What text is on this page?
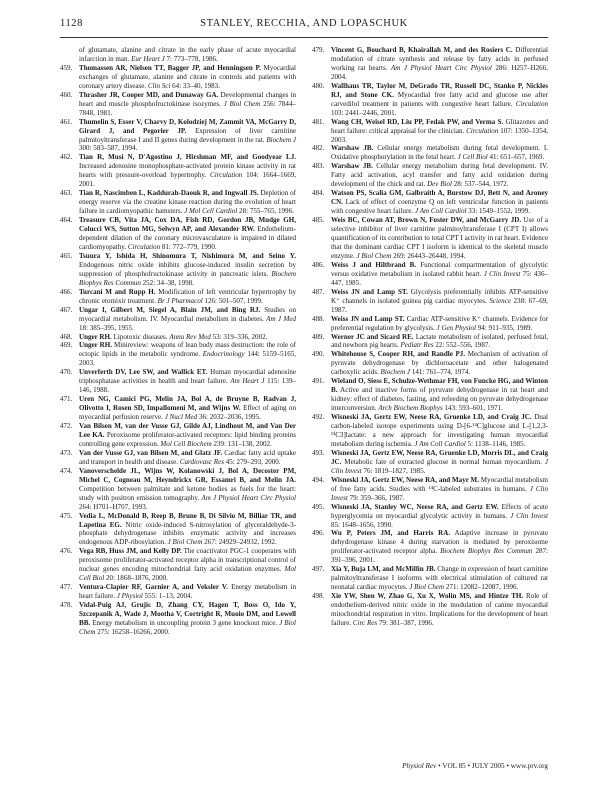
1128	STANLEY, RECCHIA, AND LOPASCHUK

of glutamate, alanine and citrate in the early phase of acute myocardial infarction in man. Eur Heart J 7: 773–778, 1986.

459. Thomassen AR, Nielsen TT, Bagger JP, and Henningsen P. Myocardial exchanges of glutamate, alanine and citrate in controls and patients with coronary artery disease. Clin Sci 64: 33–40, 1983.

460. Thrasher JR, Cooper MD, and Dunaway GA. Developmental changes in heart and muscle phosphofructokinase isozymes. J Biol Chem 256: 7844–7848, 1981.

461. Thumelin S, Esser V, Charvy D, Kolodziej M, Zammit VA, McGarry D, Girard J, and Pegorier JP. Expression of liver carnitine palmitoyltransferase I and II genes during development in the rat. Biochem J 300: 583–587, 1994.

462. Tian R, Musi N, D'Agostino J, Hirshman MF, and Goodyear LJ. Increased adenosine monophosphate-activated protein kinase activity in rat hearts with pressure-overload hypertrophy. Circulation 104: 1664–1669, 2001.

463. Tian R, Nascimben L, Kaddurah-Daouk R, and Ingwall JS. Depletion of energy reserve via the creatine kinase reaction during the evolution of heart failure in cardiomyopathic hamsters. J Mol Cell Cardiol 28: 755–765, 1996.

464. Treasure CB, Vita JA, Cox DA, Fish RD, Gordon JB, Mudge GH, Colucci WS, Sutton MG, Selwyn AP, and Alexander RW. Endothelium-dependent dilation of the coronary microvasculature is impaired in dilated cardiomyopathy. Circulation 81: 772–779, 1990.

465. Tsuura Y, Ishida H, Shinomura T, Nishimura M, and Seino Y. Endogenous nitric oxide inhibits glucose-induced insulin secretion by suppression of phosphofructokinase activity in pancreatic islets. Biochem Biophys Res Commun 252: 34–38, 1998.

466. Turcani M and Rupp H. Modification of left ventricular hypertrophy by chronic etomixir treatment. Br J Pharmacol 126: 501–507, 1999.

467. Ungar I, Gilbert M, Siegel A, Blain JM, and Bing RJ. Studies on myocardial metabolism. IV. Myocardial metabolism in diabetes. Am J Med 18: 385–395, 1955.

468. Unger RH. Lipotoxic diseases. Annu Rev Med 53: 319–336, 2002.

469. Unger RH. Minireview: weapons of lean body mass destruction: the role of ectopic lipids in the metabolic syndrome. Endocrinology 144: 5159–5165, 2003.

470. Unverferth DV, Lee SW, and Wallick ET. Human myocardial adenosine triphosphatase activities in health and heart failure. Am Heart J 115: 139–146, 1988.

471. Uren NG, Camici PG, Melin JA, Bol A, de Bruyne B, Radvan J, Olivotto I, Rosen SD, Impallomeni M, and Wijns W. Effect of aging on myocardial perfusion reserve. J Nucl Med 36: 2032–2036, 1995.

472. Van Bilsen M, van der Vusse GJ, Gilde AJ, Lindhout M, and Van Der Lee KA. Peroxisome proliferator-activated receptors: lipid binding proteins controlling gene expression. Mol Cell Biochem 239: 131–138, 2002.

473. Van der Vusse GJ, van Bilsen M, and Glatz JF. Cardiac fatty acid uptake and transport in health and disease. Cardiovasc Res 45: 279–293, 2000.

474. Vanoverschelde JL, Wijns W, Kolanowski J, Bol A, Decoster PM, Michel C, Cogneau M, Heyndrickx GR, Essamri B, and Melin JA. Competition between palmitate and ketone bodies as fuels for the heart: study with positron emission tomography. Am J Physiol Heart Circ Physiol 264: H701–H707, 1993.

475. Vedia L, McDonald B, Reep B, Brune B, Di Silvio M, Billiar TR, and Lapetina EG. Nitric oxide-induced S-nitrosylation of glyceraldehyde-3-phosphate dehydrogenase inhibits enzymatic activity and increases endogenous ADP-ribosylation. J Biol Chem 267: 24929–24932, 1992.

476. Vega RB, Huss JM, and Kelly DP. The coactivator PGC-1 cooperates with peroxisome proliferator-activated receptor alpha in transcriptional control of nuclear genes encoding mitochondrial fatty acid oxidation enzymes. Mol Cell Biol 20: 1868–1876, 2000.

477. Ventura-Clapier RF, Garnier A, and Veksler V. Energy metabolism in heart failure. J Physiol 555: 1–13, 2004.

478. Vidal-Puig AJ, Grujic D, Zhang CY, Hagen T, Boss O, Ido Y, Szczepanik A, Wade J, Mootha V, Cortright R, Muoio DM, and Lowell BB. Energy metabolism in uncoupling protein 3 gene knockout mice. J Biol Chem 275: 16258–16266, 2000.

479. Vincent G, Bouchard B, Khairallah M, and des Rosiers C. Differential modulation of citrate synthesis and release by fatty acids in perfused working rat hearts. Am J Physiol Heart Circ Physiol 286: H257–H266, 2004.

480. Wallhaus TR, Taylor M, DeGrado TR, Russell DC, Stanko P, Nickles RJ, and Stone CK. Myocardial free fatty acid and glucose use after carvedilol treatment in patients with congestive heart failure. Circulation 103: 2441–2446, 2001.

481. Wang CH, Weisel RD, Liu PP, Fedak PW, and Verma S. Glitazones and heart failure: critical appraisal for the clinician. Circulation 107: 1350–1354, 2003.

482. Warshaw JB. Cellular energy metabolism during fetal development. I. Oxidative phosphorylation in the fetal heart. J Cell Biol 41: 651–657, 1969.

483. Warshaw JB. Cellular energy metabolism during fetal development. IV. Fatty acid activation, acyl transfer and fatty acid oxidation during development of the chick and rat. Dev Biol 28: 537–544, 1972.

484. Watson PS, Scalia GM, Galbraith A, Burstow DJ, Bett N, and Aroney CN. Lack of effect of coenzyme Q on left ventricular function in patients with congestive heart failure. J Am Coll Cardiol 33: 1549–1552, 1999.

485. Weis BC, Cowan AT, Brown N, Foster DW, and McGarry JD. Use of a selective inhibitor of liver carnitine palmitoyltransferase I (CPT I) allows quantification of its contribution to total CPT I activity in rat heart. Evidence that the dominant cardiac CPT I isoform is identical to the skeletal muscle enzyme. J Biol Chem 269: 26443–26448, 1994.

486. Weiss J and Hiltbrand B. Functional compartmentation of glycolytic versus oxidative metabolism in isolated rabbit heart. J Clin Invest 75: 436–447, 1985.

487. Weiss JN and Lamp ST. Glycolysis preferentially inhibits ATP-sensitive K⁺ channels in isolated guinea pig cardiac myocytes. Science 238: 67–69, 1987.

488. Weiss JN and Lamp ST. Cardiac ATP-sensitive K⁺ channels. Evidence for preferential regulation by glycolysis. J Gen Physiol 94: 911–935, 1989.

489. Werner JC and Sicard RE. Lactate metabolism of isolated, perfused fetal, and newborn pig hearts. Pediatr Res 22: 552–556, 1987.

490. Whitehouse S, Cooper RH, and Randle PJ. Mechanism of activation of pyruvate dehydrogenase by dichloroacetate and other halogenated carboxylic acids. Biochem J 141: 761–774, 1974.

491. Wieland O, Siess E, Schulze-Wethmar FH, von Funcke HG, and Winton B. Active and inactive forms of pyruvate dehydrogenase in rat heart and kidney: effect of diabetes, fasting, and refeeding on pyruvate dehydrogenase interconversion. Arch Biochem Biophys 143: 593–601, 1971.

492. Wisneski JA, Gertz EW, Neese RA, Gruenke LD, and Craig JC. Dual carbon-labeled isotope experiments using D-[6-¹⁴C]glucose and L-[1,2,3-¹³C3]lactate: a new approach for investigating human myocardial metabolism during ischemia. J Am Coll Cardiol 5: 1138–1146, 1985.

493. Wisneski JA, Gertz EW, Neese RA, Gruenke LD, Morris DL, and Craig JC. Metabolic fate of extracted glucose in normal human myocardium. J Clin Invest 76: 1819–1827, 1985.

494. Wisneski JA, Gertz EW, Neese RA, and Mayr M. Myocardial metabolism of free fatty acids. Studies with ¹⁴C-labeled substrates in humans. J Clin Invest 79: 359–366, 1987.

495. Wisneski JA, Stanley WC, Neese RA, and Gertz EW. Effects of acute hyperglycemia on myocardial glycolytic activity in humans. J Clin Invest 85: 1648–1656, 1990.

496. Wu P, Peters JM, and Harris RA. Adaptive increase in pyruvate dehydrogenase kinase 4 during starvation is mediated by peroxisome proliferator-activated receptor alpha. Biochem Biophys Res Commun 287: 391–396, 2001.

497. Xia Y, Buja LM, and McMillin JB. Change in expression of heart carnitine palmitoyltransferase I isoforms with electrical stimulation of cultured rat neonatal cardiac myocytes. J Biol Chem 271: 12082–12087, 1996.

498. Xie YW, Shen W, Zhao G, Xu X, Wolin MS, and Hintze TH. Role of endothelium-derived nitric oxide in the modulation of canine myocardial mitochondrial respiration in vitro. Implications for the development of heart failure. Circ Res 79: 381–387, 1996.

Physiol Rev • VOL 85 • JULY 2005 • www.prv.org
